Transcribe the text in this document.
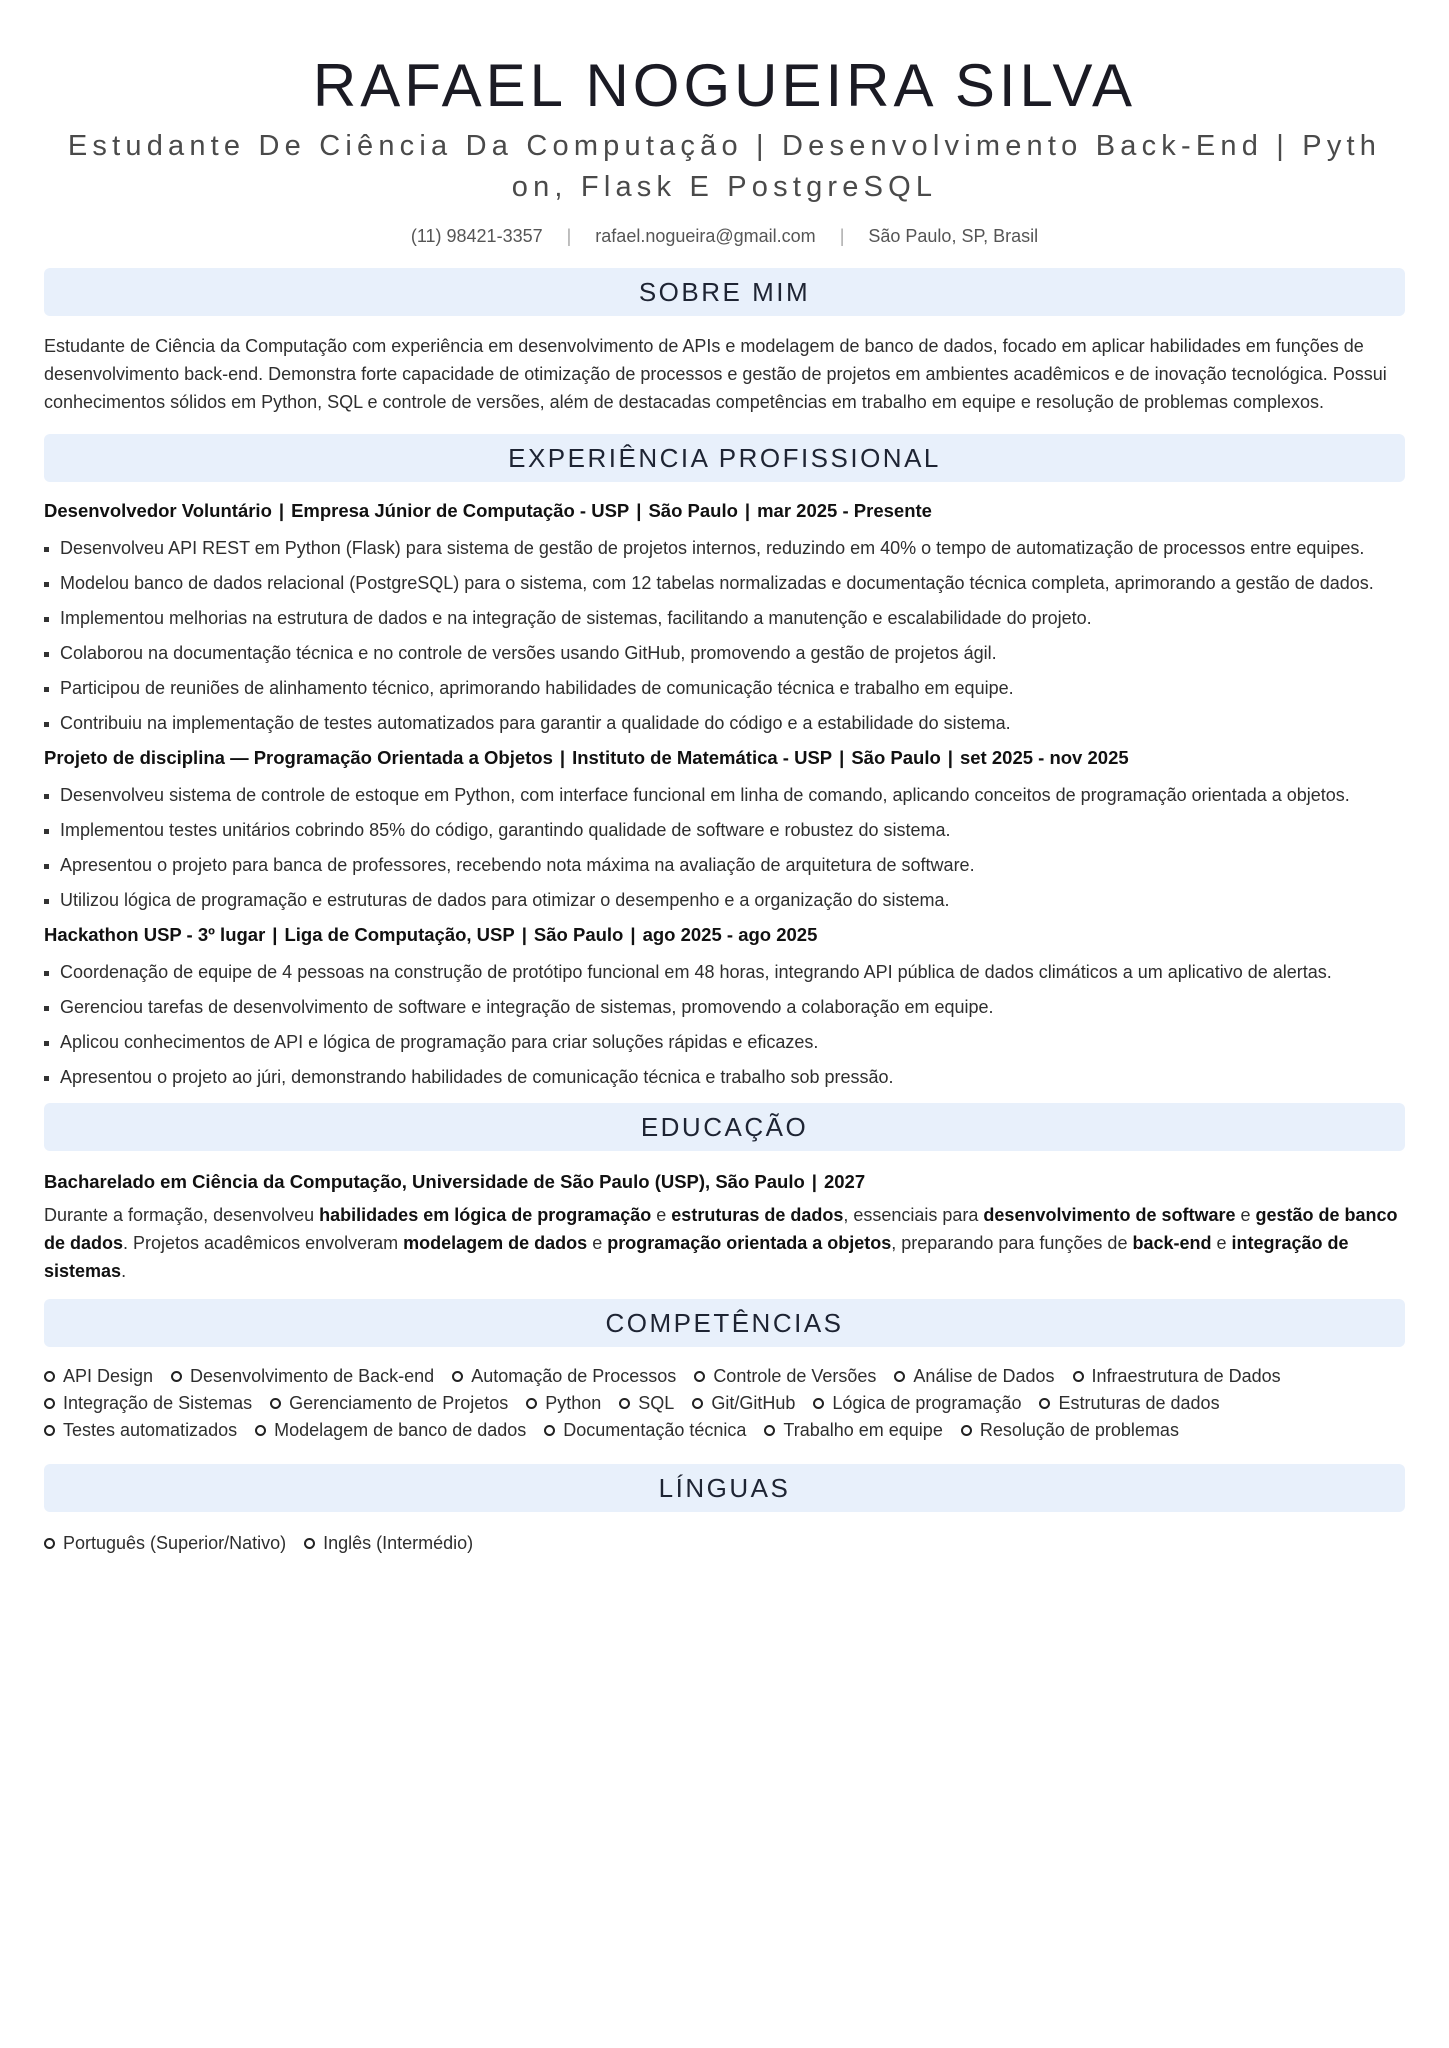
RAFAEL NOGUEIRA SILVA
Estudante De Ciência Da Computação | Desenvolvimento Back-End | Pyth
on, Flask E PostgreSQL
(11) 98421-3357 | rafael.nogueira@gmail.com | São Paulo, SP, Brasil
SOBRE MIM

Estudante de Ciência da Computação com experiência em desenvolvimento de APIs e modelagem de banco de dados, focado em aplicar habilidades em funções de desenvolvimento back-end. Demonstra forte capacidade de otimização de processos e gestão de projetos em ambientes acadêmicos e de inovação tecnológica. Possui conhecimentos sólidos em Python, SQL e controle de versões, além de destacadas competências em trabalho em equipe e resolução de problemas complexos.

EXPERIÊNCIA PROFISSIONAL
Desenvolvedor Voluntário | Empresa Júnior de Computação - USP | São Paulo | mar 2025 - Presente
Desenvolveu API REST em Python (Flask) para sistema de gestão de projetos internos, reduzindo em 40% o tempo de automatização de processos entre equipes.
Modelou banco de dados relacional (PostgreSQL) para o sistema, com 12 tabelas normalizadas e documentação técnica completa, aprimorando a gestão de dados.
Implementou melhorias na estrutura de dados e na integração de sistemas, facilitando a manutenção e escalabilidade do projeto.
Colaborou na documentação técnica e no controle de versões usando GitHub, promovendo a gestão de projetos ágil.
Participou de reuniões de alinhamento técnico, aprimorando habilidades de comunicação técnica e trabalho em equipe.
Contribuiu na implementação de testes automatizados para garantir a qualidade do código e a estabilidade do sistema.
Projeto de disciplina — Programação Orientada a Objetos | Instituto de Matemática - USP | São Paulo | set 2025 - nov 2025
Desenvolveu sistema de controle de estoque em Python, com interface funcional em linha de comando, aplicando conceitos de programação orientada a objetos.
Implementou testes unitários cobrindo 85% do código, garantindo qualidade de software e robustez do sistema.
Apresentou o projeto para banca de professores, recebendo nota máxima na avaliação de arquitetura de software.
Utilizou lógica de programação e estruturas de dados para otimizar o desempenho e a organização do sistema.
Hackathon USP - 3º lugar | Liga de Computação, USP | São Paulo | ago 2025 - ago 2025
Coordenação de equipe de 4 pessoas na construção de protótipo funcional em 48 horas, integrando API pública de dados climáticos a um aplicativo de alertas.
Gerenciou tarefas de desenvolvimento de software e integração de sistemas, promovendo a colaboração em equipe.
Aplicou conhecimentos de API e lógica de programação para criar soluções rápidas e eficazes.
Apresentou o projeto ao júri, demonstrando habilidades de comunicação técnica e trabalho sob pressão.
EDUCAÇÃO
Bacharelado em Ciência da Computação, Universidade de São Paulo (USP), São Paulo | 2027

Durante a formação, desenvolveu habilidades em lógica de programação e estruturas de dados, essenciais para desenvolvimento de software e gestão de banco de dados. Projetos acadêmicos envolveram modelagem de dados e programação orientada a objetos, preparando para funções de back-end e integração de sistemas.

COMPETÊNCIAS
API Design Desenvolvimento de Back-end Automação de Processos Controle de Versões Análise de Dados Infraestrutura de Dados
Integração de Sistemas Gerenciamento de Projetos Python SQL Git/GitHub Lógica de programação Estruturas de dados
Testes automatizados Modelagem de banco de dados Documentação técnica Trabalho em equipe Resolução de problemas
LÍNGUAS
Português (Superior/Nativo) Inglês (Intermédio)
